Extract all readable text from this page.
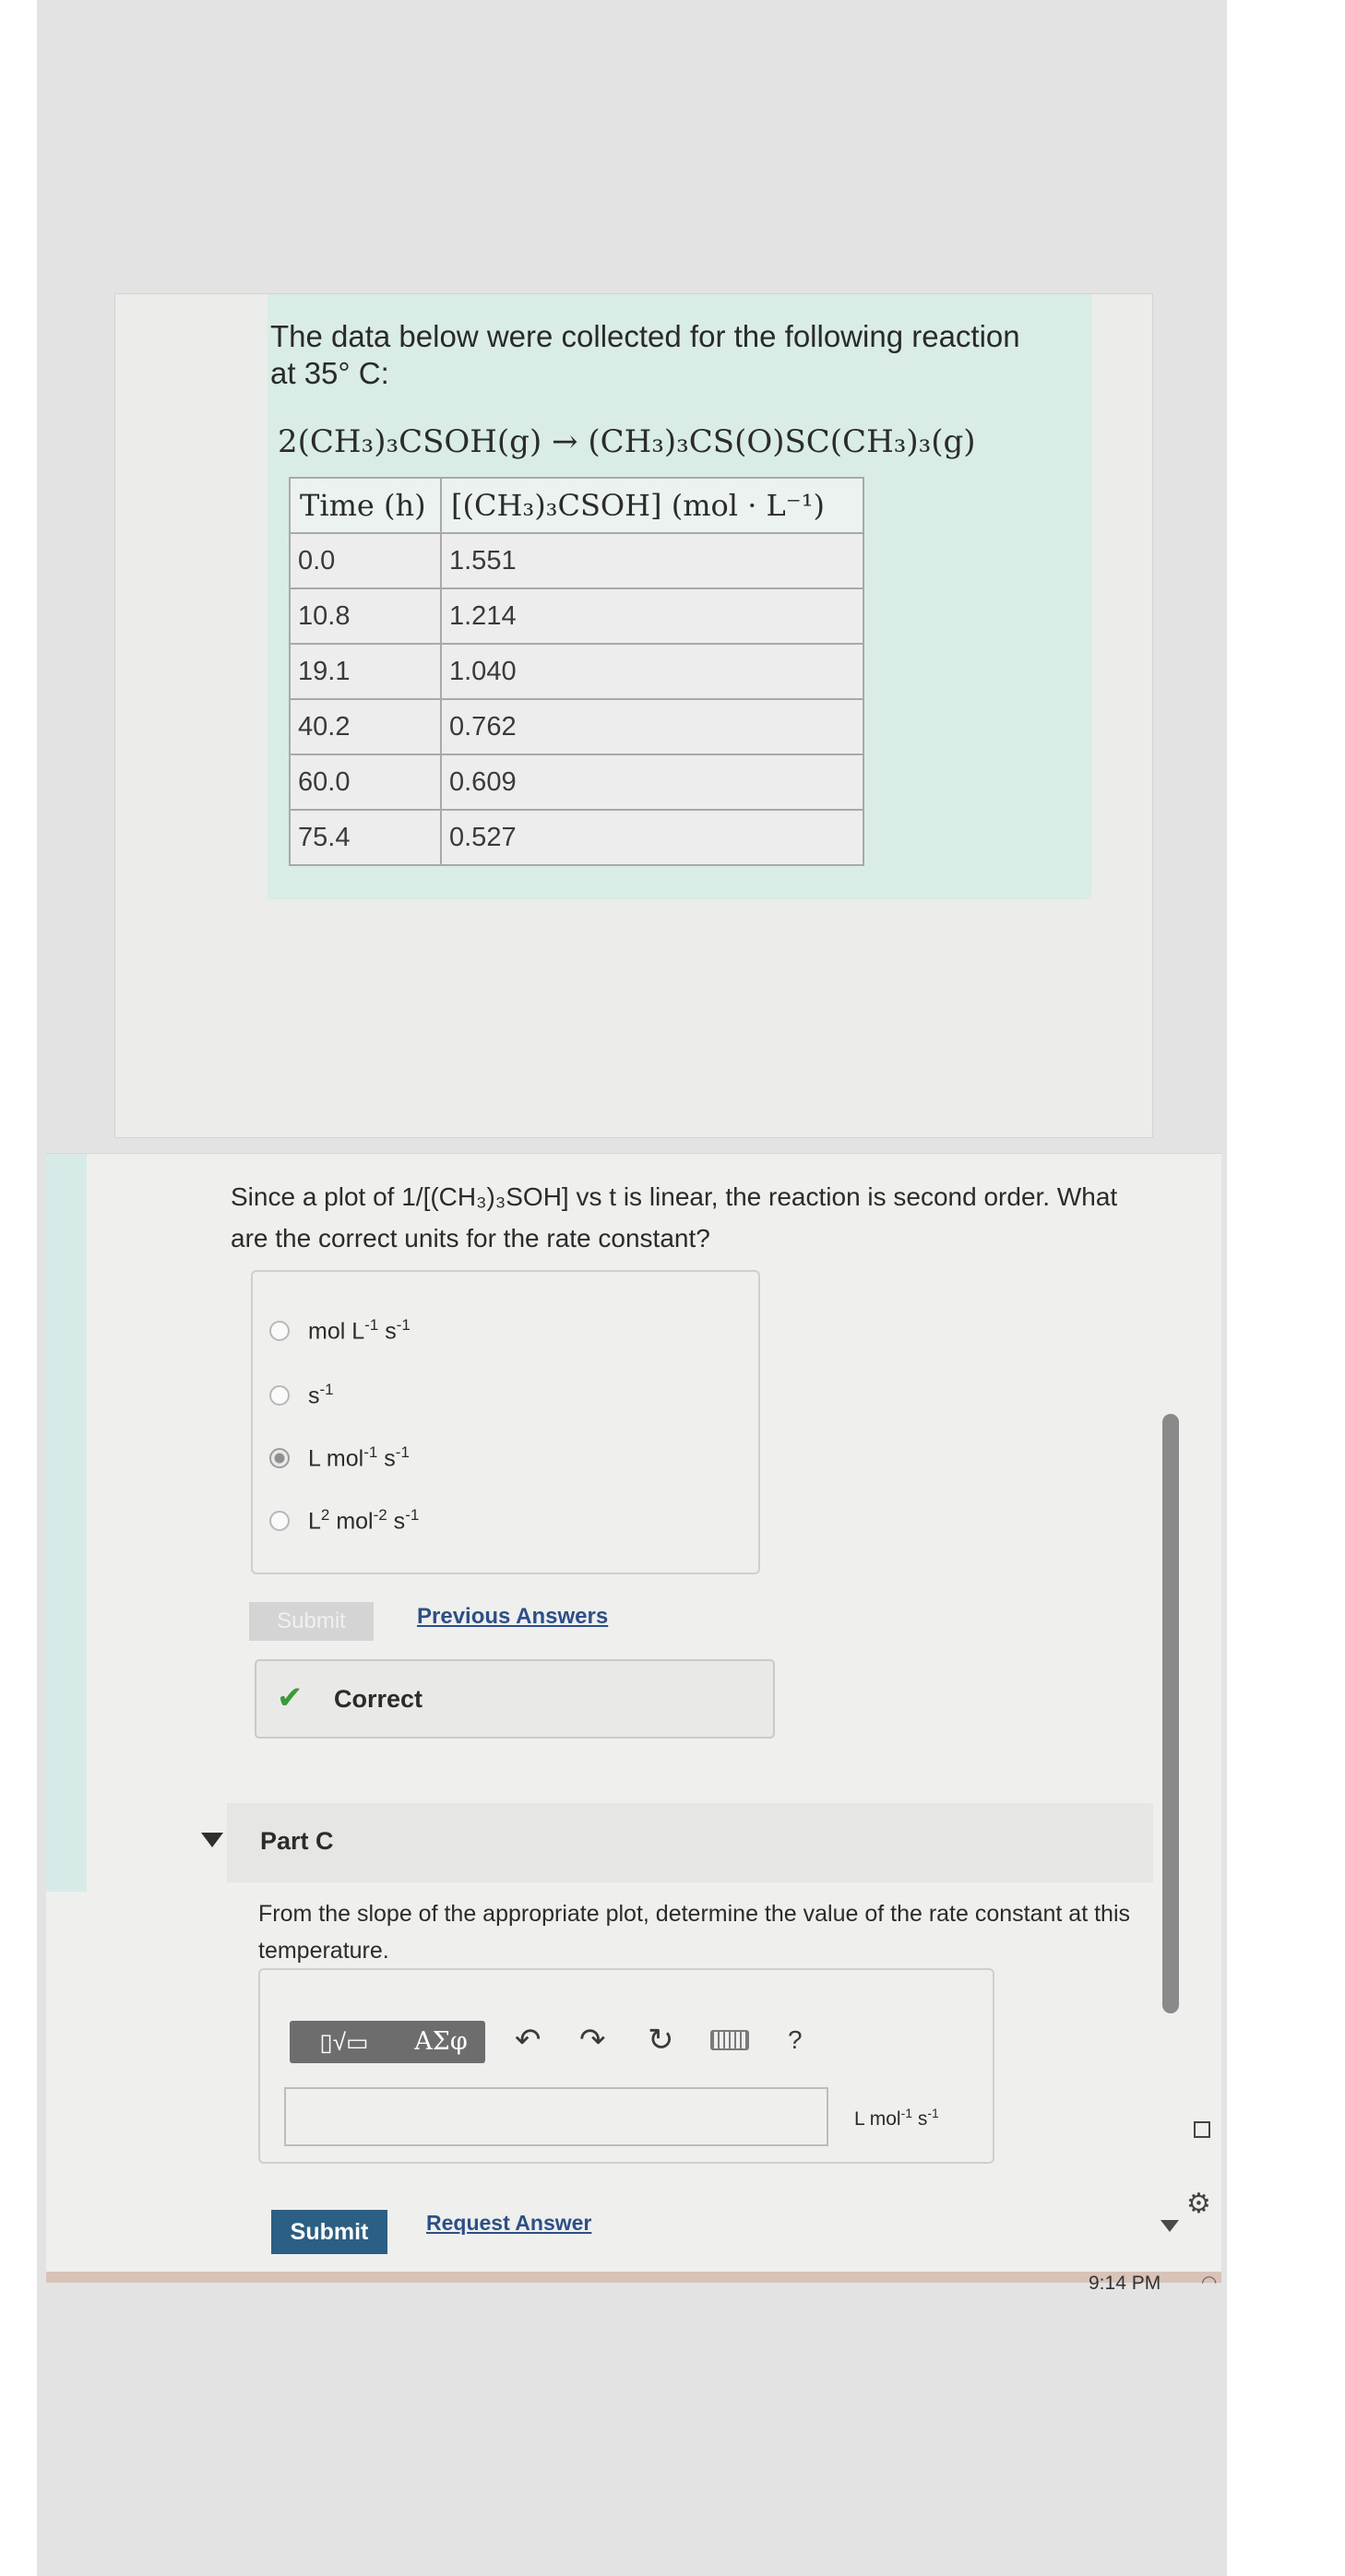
The data below were collected for the following reaction at 35° C:
2(CH₃)₃CSOH(g) → (CH₃)₃CS(O)SC(CH₃)₃(g)
Time (h)	[(CH₃)₃CSOH] (mol · L⁻¹)
0.0	1.551
10.8	1.214
19.1	1.040
40.2	0.762
60.0	0.609
75.4	0.527
Since a plot of 1/[(CH₃)₃SOH] vs t is linear, the reaction is second order. What are the correct units for the rate constant?
mol $L^{-1}$ $s^{-1}$
$s^{-1}$
L mol$^{-1}$ $s^{-1}$
$L^2$ mol$^{-2}$ $s^{-1}$
Submit	Previous Answers
✔ Correct
Part C
From the slope of the appropriate plot, determine the value of the rate constant at this temperature.
▯√▭	ΑΣφ	↶ ↷ ↻	?
L mol$^{-1}$ $s^{-1}$
Submit	Request Answer
⚙
9:14 PM ◠
